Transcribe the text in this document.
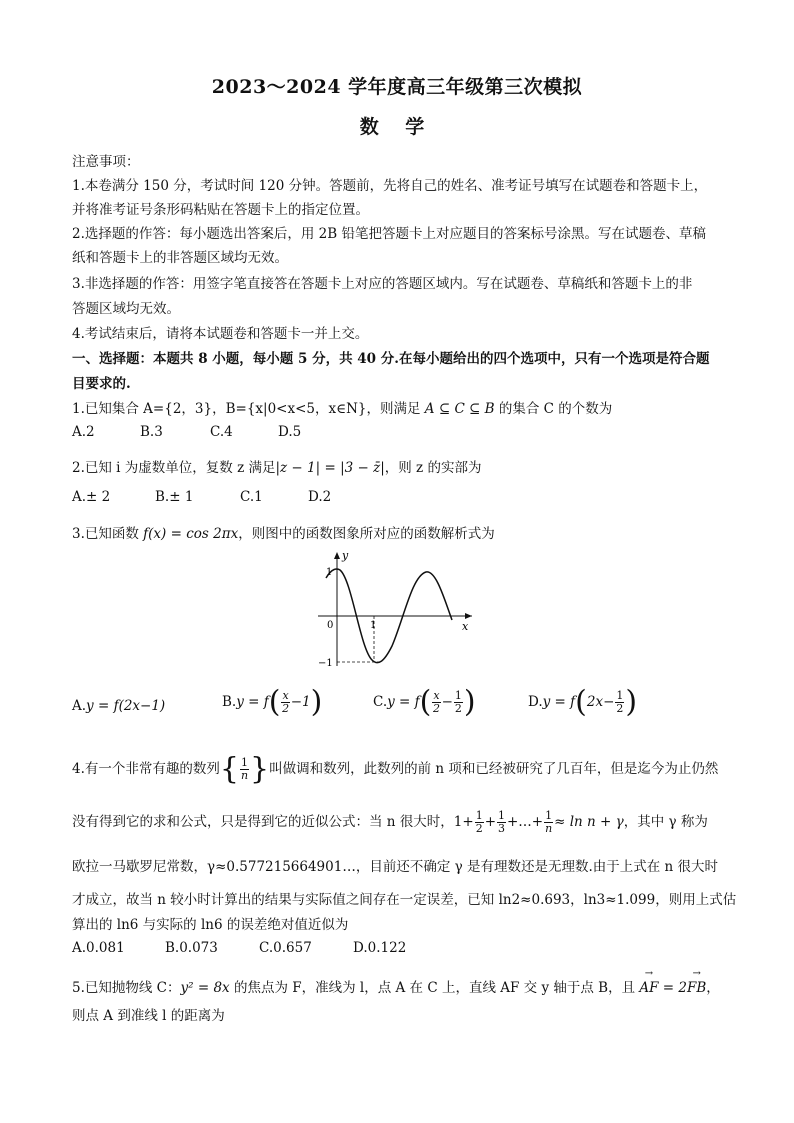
2023～2024 学年度高三年级第三次模拟
数 学
注意事项：
1.本卷满分 150 分，考试时间 120 分钟。答题前，先将自己的姓名、准考证号填写在试题卷和答题卡上，
并将准考证号条形码粘贴在答题卡上的指定位置。
2.选择题的作答：每小题选出答案后，用 2B 铅笔把答题卡上对应题目的答案标号涂黑。写在试题卷、草稿
纸和答题卡上的非答题区域均无效。
3.非选择题的作答：用签字笔直接答在答题卡上对应的答题区域内。写在试题卷、草稿纸和答题卡上的非
答题区域均无效。
4.考试结束后，请将本试题卷和答题卡一并上交。
一、选择题：本题共 8 小题，每小题 5 分，共 40 分.在每小题给出的四个选项中，只有一个选项是符合题
目要求的.
1.已知集合 A={2，3}，B={x|0<x<5，x∈N}，则满足 A ⊆ C ⊆ B 的集合 C 的个数为
A.2	B.3	C.4	D.5
2.已知 i 为虚数单位，复数 z 满足|z − 1| = |3 − z̄|，则 z 的实部为
A.± 2	B.± 1	C.1	D.2
3.已知函数 f(x) = cos 2πx，则图中的函数图象所对应的函数解析式为
y
x
1
0	1
−1
A.y = f(2x−1)	$B.y = f( \frac{x}{2} -1)$	$C.y = f( \frac{x}{2} - \frac{1}{2}$ )	$D.y = f(2x- \frac{1}{2}$ )
4.有一个非常有趣的数列{ $\frac{1}{n}$ }叫做调和数列，此数列的前 n 项和已经被研究了几百年，但是迄今为止仍然
没有得到它的求和公式，只是得到它的近似公式：当 n 很大时，$1+ \frac{1}{2} + \frac{1}{3}$ +…+ $\frac{1}{n} \approx \ln n + \gamma$，其中 γ 称为
欧拉一马歇罗尼常数，γ≈0.577215664901…，目前还不确定 γ 是有理数还是无理数.由于上式在 n 很大时
才成立，故当 n 较小时计算出的结果与实际值之间存在一定误差，已知 ln2≈0.693，ln3≈1.099，则用上式估
算出的 ln6 与实际的 ln6 的误差绝对值近似为
A.0.081	B.0.073	C.0.657	D.0.122
5.已知抛物线 C：y² = 8x 的焦点为 F，准线为 l，点 A 在 C 上，直线 AF 交 y 轴于点 B，且 → AF = 2→ FB，
则点 A 到准线 l 的距离为
